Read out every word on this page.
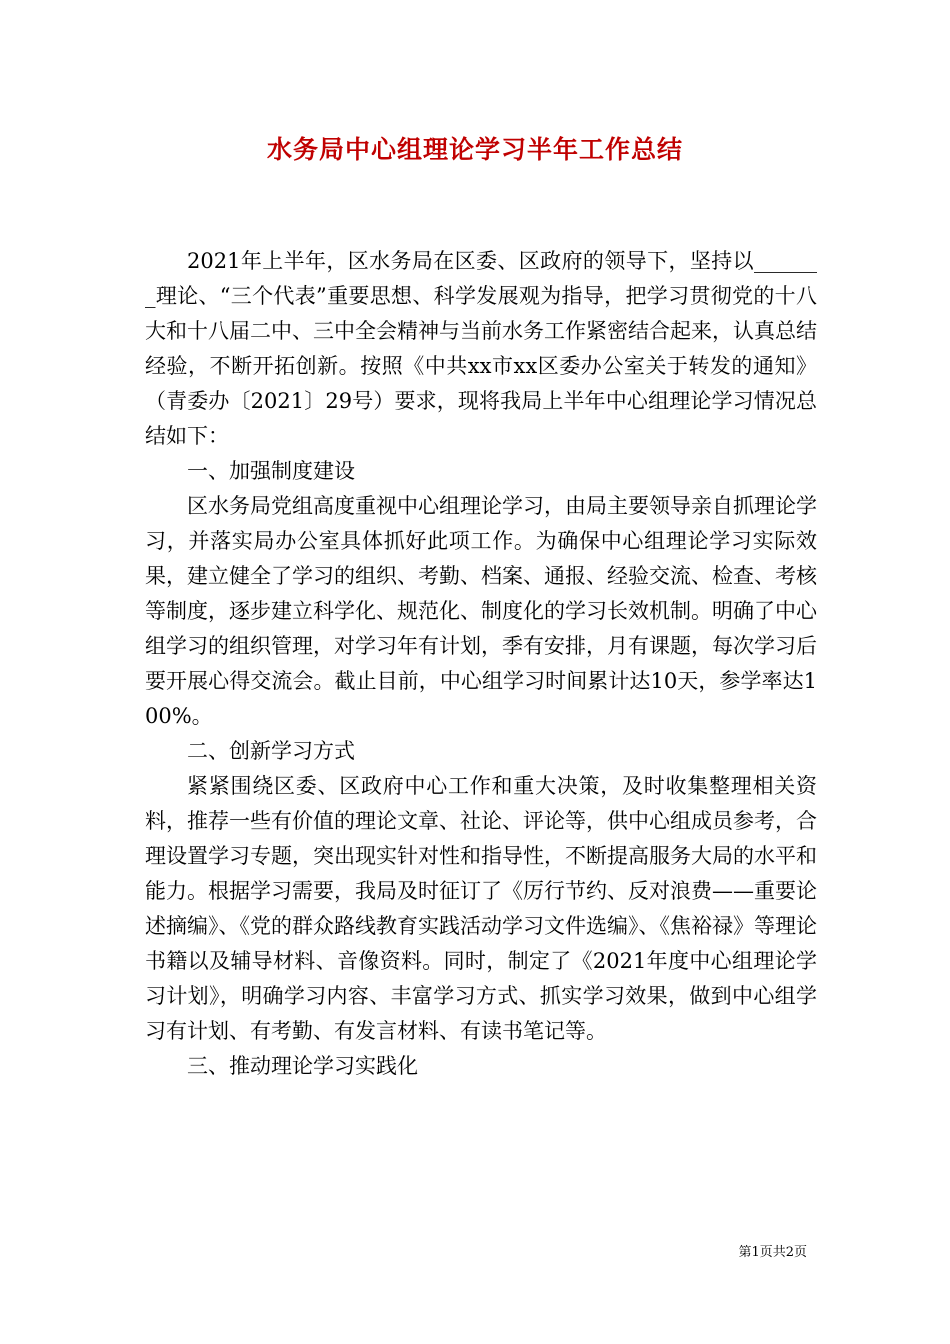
水务局中心组理论学习半年工作总结

2021年上半年，区水务局在区委、区政府的领导下，坚持以_______理论、“三个代表”重要思想、科学发展观为指导，把学习贯彻党的十八大和十八届二中、三中全会精神与当前水务工作紧密结合起来，认真总结经验，不断开拓创新。按照《中共xx市xx区委办公室关于转发的通知》（青委办〔2021〕29号）要求，现将我局上半年中心组理论学习情况总结如下：

一、加强制度建设

区水务局党组高度重视中心组理论学习，由局主要领导亲自抓理论学习，并落实局办公室具体抓好此项工作。为确保中心组理论学习实际效果，建立健全了学习的组织、考勤、档案、通报、经验交流、检查、考核等制度，逐步建立科学化、规范化、制度化的学习长效机制。明确了中心组学习的组织管理，对学习年有计划，季有安排，月有课题，每次学习后要开展心得交流会。截止目前，中心组学习时间累计达10天，参学率达100%。

二、创新学习方式

紧紧围绕区委、区政府中心工作和重大决策，及时收集整理相关资料，推荐一些有价值的理论文章、社论、评论等，供中心组成员参考，合理设置学习专题，突出现实针对性和指导性，不断提高服务大局的水平和能力。根据学习需要，我局及时征订了《厉行节约、反对浪费——重要论述摘编》、《党的群众路线教育实践活动学习文件选编》、《焦裕禄》等理论书籍以及辅导材料、音像资料。同时，制定了《2021年度中心组理论学习计划》，明确学习内容、丰富学习方式、抓实学习效果，做到中心组学习有计划、有考勤、有发言材料、有读书笔记等。

三、推动理论学习实践化

第1页共2页
